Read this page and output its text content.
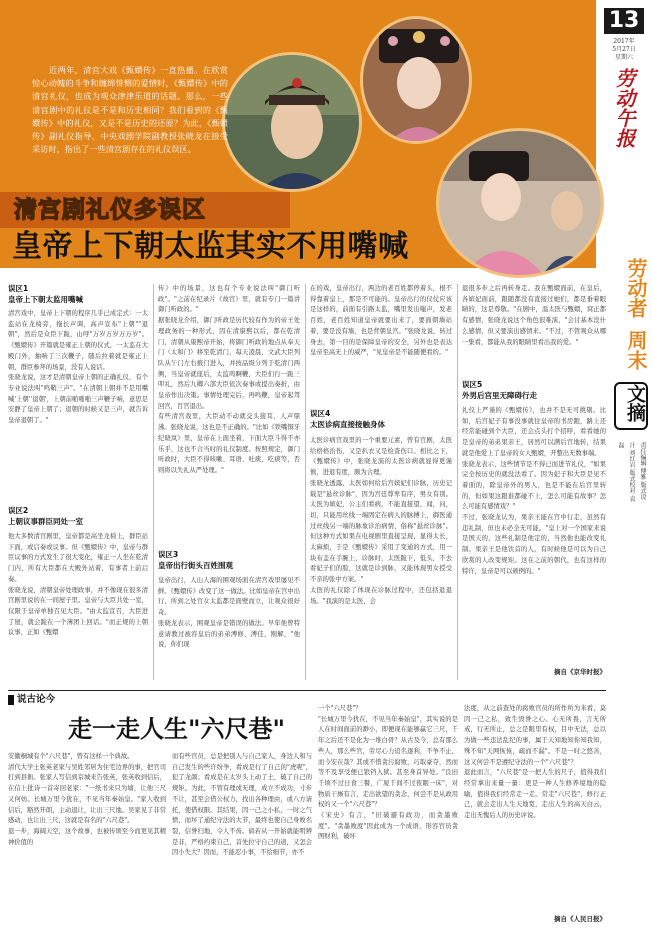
近两年，清宫大戏《甄嬛传》一直热播。在欣赏惊心动魄的斗争和缠绵悱恻的爱情时，《甄嬛传》中的清宫礼仪，也成为观众津津乐道的话题。那么，一些清宫剧中的礼仪是不是和历史相同？我们看到的《甄嬛传》中的礼仪，又是不是历史的还原？为此，《甄嬛传》副礼仪指导、中央戏剧学院副教授张晓龙在接受采访时，指出了一些清宫剧存在的礼仪误区。
清宫剧礼仪多误区
皇帝上下朝太监其实不用嘴喊
13
2017年
5月27日
星期六
劳动午报
劳动者
周末
文摘
责任编辑 傅雅 版式设计 刘红岩 版式校对 袁磊
误区1
皇帝上下朝太监用嘴喊
清宫戏中，皇帝上下朝的程序几乎已成定式：一太监站在龙椅旁，拖长声调，高声宣布"上朝""退朝"，然后是众臣下跪，山呼"万岁万岁万万岁"。《甄嬛传》开篇就是雍正上朝的仪式，一太监在大殿门外，抽响了三次鞭子，随后拉着就是雍正上朝，群臣参拜的场景，没有人说话。
张晓龙说，这才是清朝皇帝上朝的正确礼仪，有个专业说法叫"鸣鞘三声"。"在清朝上朝并不是用嘴喊'上朝''退朝'，上朝前啪啪啪三声鞭子响，意思是安静了皇帝上朝了；退朝的时候又是三声，就告诉皇帝退朝了。"
误区2
上朝议事群臣同处一室
他大多数清宫剧里，皇帝都是高坐龙椅上，群臣站下面，或启奏或议事。但《甄嬛传》中，皇帝与群臣议事的方式发生了很大变化，雍正一人坐在乾清门内，所有大臣都在大殿外站着，有事者上前启奏。
张晓龙说，清朝皇帝处理政事，并不像现在很多清宫剧里说的在一间屋子里。皇帝与大臣共处一室，仅限于皇帝单独召见大臣。"由太监宣召，大臣进了屋，就会跪在一个薄团上回话。"而正规的上朝议事，正如《甄嬛
传》中的场景，这也有个专业说法叫"御门听政"。"之前在纪录片《故宫》里，就有专门一篇讲御门听政的。"
据张晓龙介绍，御门听政是历代较有作为的帝王处理政务的一种形式，因在清康熙以后，都在乾清门，清朝从康熙帝开始，将御门听政的地点从奉天门（太和门）移至乾清门，每天凌晨，文武大臣列队从午门左右掖门进入，并按品级分列于乾清门两侧，当皇帝就座后，太监鸣啊鞭，大臣们行一跪三叩礼，然后九卿六部大臣依次奏事或提出奏折，由皇帝作出决策。事情处理完后，再鸣鞭，皇帝起驾回宫，百官退出。
有些清宫戏里，大臣动不动就交头接耳，人声鼎沸。张晓龙说，这也是不正确的。"比如《铁嘴铜牙纪晓岚》里，皇帝在上面坐着，下面大臣斗得不亦乐乎，这也不合当时的礼仪制度。按照规定，御门听政时，大臣不得咳嗽、耳语、吐痰、吃痰等，否则将以失礼从严处理。"
误区3
皇帝出行街头百姓围观
皇帝出行，人山人海的围观场面在清宫戏里屡见不鲜。《甄嬛传》改变了这一做法。比如皇帝在宫中出行，所到之处宫女太监都是面壁而立，让观众很好奇。
张晓龙表示，围观皇帝是错误的做法。早年他曾特意请教过被容皇后的弟弟溥修，溥佳，刚解，"他说，你们现
在的戏，皇帝出行，两边的老百姓都停着头，根不得靠着皇上，那是不可能的。皇帝出行的仪仗应该是这样的，前面有引路太监，嘴里发出嗤声，发老百姓，老百姓知道皇帝就要出来了，要面朝墙站着，要是没有墙，也是背朝皇宫。"张晓龙说，转过身去，第一目的是保障皇帝的安全，另外也是表达皇帝至高无上的威严，"见皇帝是不能随便看的。"
误区4
太医诊病直接接触身体
太医诊病宫戏里的一个重要元素，曾有宫剧，太医给格格治伤，又是扒衣又是检查伤口。相比之下，《甄嬛传》中，张晓龙演的太医诊病就显得更谨慎，进退有度，颇为合理。
张晓龙透露，太医如何给后宫嫔妃们诊脉，历史记载是"悬丝诊脉"，因为宫廷尊卑有序，男女有别。太医为嫔妃，公主们看病，不能直接望，闻，问，切，只能用丝线一端固定在病人的脉搏上，御医通过丝线另一端的脉象诊治病情，俗称"悬丝诊脉"。但这种方式如果在电视剧里直接呈现，显得太长，太麻烦，于是《甄嬛传》采用了变通的方式，用一块布盖在手腕上，诊脉时，太医跪下，低头，不去看妃子们的脸，这就是诊到脉，又能体现男女授受不亲的张中方案。"
太医的礼仪除了体现在诊脉过程中，还包括退退场。"我演的是太医，会
退很多步之后再转身走。我在甄嬛面前，在皇后，各嫔妃面前，跟随都没有直接过她们，都是垂着眼睛的，这是尊敬。"在剧中，温太医与甄嬛，窝正都有感情，张晓龙说这个角色很难演，"会讨基本没什么感情，但又要演出感情来。"不过，不管观众从哪一集看，都能从我的眼睛里看出我的爱。"
误区5
外男后宫里无障碍行走
礼仪上严谨的《甄嬛传》，也并不是无可挑剔。比如，后宫妃子有事没事就往皇帝的书房跑，路上还经常能碰到个大臣，还会点头打个招呼，看看她的是皇帝的弟弟果亲王，居然可以满后宫地转，结果就是他爱上了皇帝的女人甄嬛，开整出无数事端。
张晓龙表示，这些情节是不得已而进节礼仪，"如果完全按历史的就没法看了。因为妃子和大臣是见不着面的，除皇帝外的男人，也是不能在后宫里转的，但如果这跟谁都碰不上，怎么可能有故事？怎么可能有感情戏？"
不过，张晓龙认为，果亲王能在宫中行走，虽然有违礼制，但也未必全无可能。"皇上对一个国家来说是国天的，这些礼制是他定的，当然他也能改变礼制。果亲王是他饮首的人，有时候他是可以为自己欣赏的人改变规矩。这在之前的朝代，也有这样的特许，皇帝是可以颁例的。"
摘自《京华时报》
说古论今
走一走人生"六尺巷"
安徽桐城有个"六尺巷"，曾有这样一个典故。
清代大学士张英老家与吴姓邻居为住宅边界的事，把官司打到县衙。张家人写信到京城来告张英，张英收到信后，在信上批诗一首寄回老家："一纸书来只为墙，让他三尺又何妨。长城万里今犹在，不见当年秦始皇。"家人收到信后，豁然开朗，主动退让，让出三尺地。吴家见了非常感动，也让出三尺，这就是有名的"六尺巷"。
退一步，海阔天空，这个故事，也被传颂至今而更见其精神价值的
而有些官员，总是把别人与自己家人，身边人和与自己发生的些许纷争，看成是行了自己的"虎呢"，犯了龙颜；看成是在太岁头上动了土，破了自己的规矩。为此，不管有理或无理，成立不成功，寸步不让，甚至会借公权力，找出各种理由，或八方请托，使借权限。其结果，因一己之小私，一时之气愤，而坏了通纪守法的大节，最终也使自己身败名裂，信誉扫地，令人不齿。倘若从一开始就能明辨是非，严格约束自己，首先拉守自己的道，又怎会因小失大？因而，不能忍小事，不给细节，亦不
一个"六尺巷"？
"长城万里今犹在，不见当年秦始皇"，其实说的是人在时间面前的渺小，即便现在能够赢它三尺，千年之后还不是化为一堆白骨？从古及今，总有那么些人，那么些官，劳尽心力追名逐利，不争不止，而今安在哉？其或不惜贪污腐败，巧取豪夺，然而等不及享受便已锒铛入狱。甚至身首异处。"良田千顷不过日食三餐，广厦千间不过夜眠一床"，对物质干厮有言，走出欲望的贪念，何尝不是从政用权的又一个"六尺巷"？
《宋史》有言，"旧破避有政功，而贪墨败度"。"贪墨败度"因此成为一个成语，形容官员贪图财利，破坏
法度，从之前查处的腐败官员的所作所为来看，莫因一己之私，致生毁誉之心。心无所畏，言无所戒，行无所止，总之是眼里有权，目中无法，总以为做一些违法乱纪的事，属于天知地知你知我知，殊不知"天网恢恢，疏而不漏"。不是一时之悠善，这又何尝不是遵纪守法的一个"六尺巷"？
退此而言，"六尺巷"是一把人生的尺子，值得我们经常拿出来量一量：更是一种人生修养境地的隐喻，值得我们经常走一走。常走"六尺巷"，修行正己，就会走出人生天地宽，走出人生的高天白云，走出无愧后人的历史评说。
摘自《人民日报》
